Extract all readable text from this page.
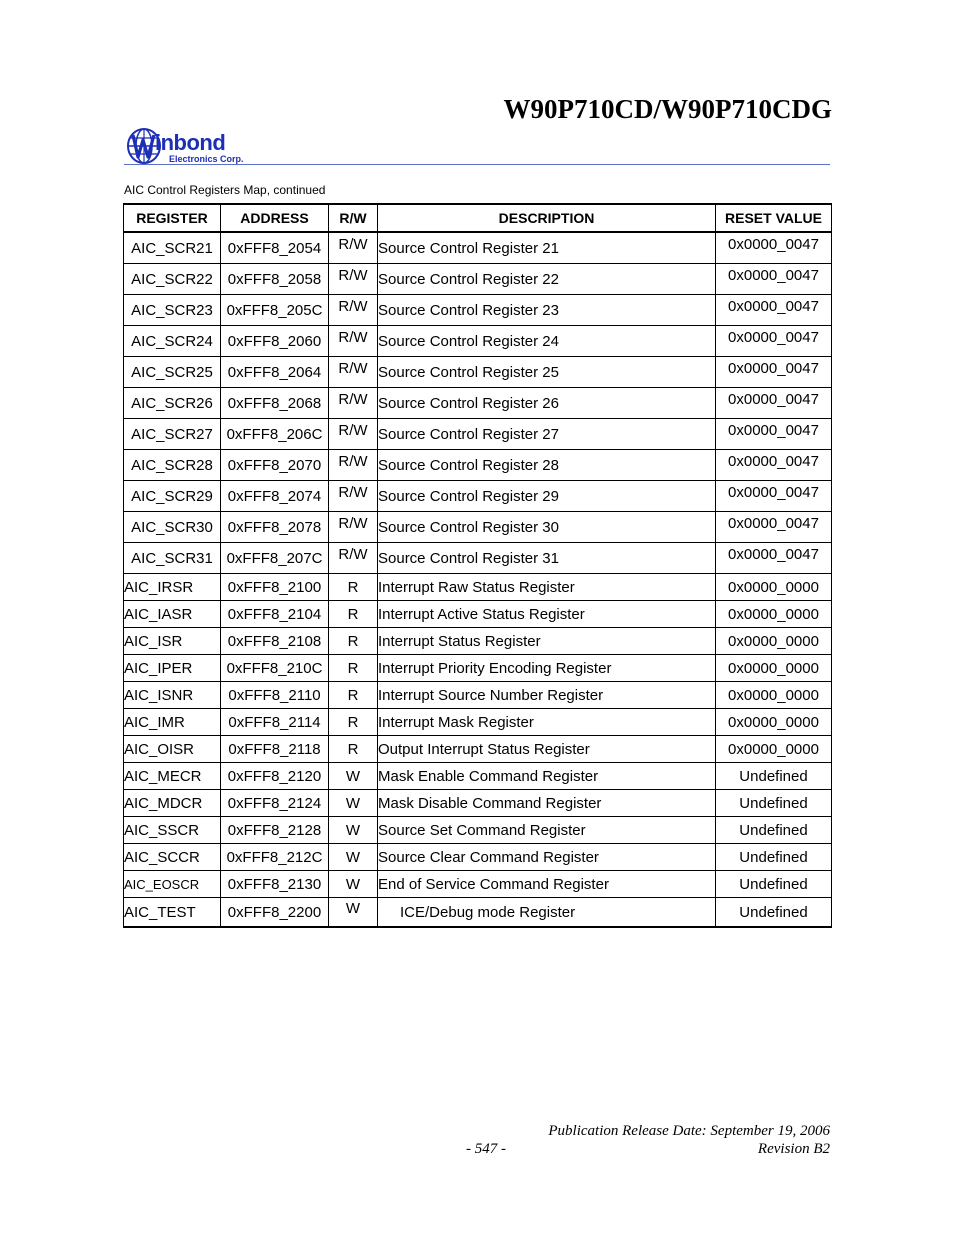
W90P710CD/W90P710CDG
inbond
Electronics Corp.
AIC Control Registers Map, continued
REGISTER	ADDRESS	R/W	DESCRIPTION	RESET VALUE
AIC_SCR21	0xFFF8_2054	R/W	Source Control Register 21	0x0000_0047
AIC_SCR22	0xFFF8_2058	R/W	Source Control Register 22	0x0000_0047
AIC_SCR23	0xFFF8_205C	R/W	Source Control Register 23	0x0000_0047
AIC_SCR24	0xFFF8_2060	R/W	Source Control Register 24	0x0000_0047
AIC_SCR25	0xFFF8_2064	R/W	Source Control Register 25	0x0000_0047
AIC_SCR26	0xFFF8_2068	R/W	Source Control Register 26	0x0000_0047
AIC_SCR27	0xFFF8_206C	R/W	Source Control Register 27	0x0000_0047
AIC_SCR28	0xFFF8_2070	R/W	Source Control Register 28	0x0000_0047
AIC_SCR29	0xFFF8_2074	R/W	Source Control Register 29	0x0000_0047
AIC_SCR30	0xFFF8_2078	R/W	Source Control Register 30	0x0000_0047
AIC_SCR31	0xFFF8_207C	R/W	Source Control Register 31	0x0000_0047
AIC_IRSR	0xFFF8_2100	R	Interrupt Raw Status Register	0x0000_0000
AIC_IASR	0xFFF8_2104	R	Interrupt Active Status Register	0x0000_0000
AIC_ISR	0xFFF8_2108	R	Interrupt Status Register	0x0000_0000
AIC_IPER	0xFFF8_210C	R	Interrupt Priority Encoding Register	0x0000_0000
AIC_ISNR	0xFFF8_2110	R	Interrupt Source Number Register	0x0000_0000
AIC_IMR	0xFFF8_2114	R	Interrupt Mask Register	0x0000_0000
AIC_OISR	0xFFF8_2118	R	Output Interrupt Status Register	0x0000_0000
AIC_MECR	0xFFF8_2120	W	Mask Enable Command Register	Undefined
AIC_MDCR	0xFFF8_2124	W	Mask Disable Command Register	Undefined
AIC_SSCR	0xFFF8_2128	W	Source Set Command Register	Undefined
AIC_SCCR	0xFFF8_212C	W	Source Clear Command Register	Undefined
AIC_EOSCR	0xFFF8_2130	W	End of Service Command Register	Undefined
AIC_TEST	0xFFF8_2200	W	ICE/Debug mode Register	Undefined
Publication Release Date: September 19, 2006
- 547 -	Revision B2
